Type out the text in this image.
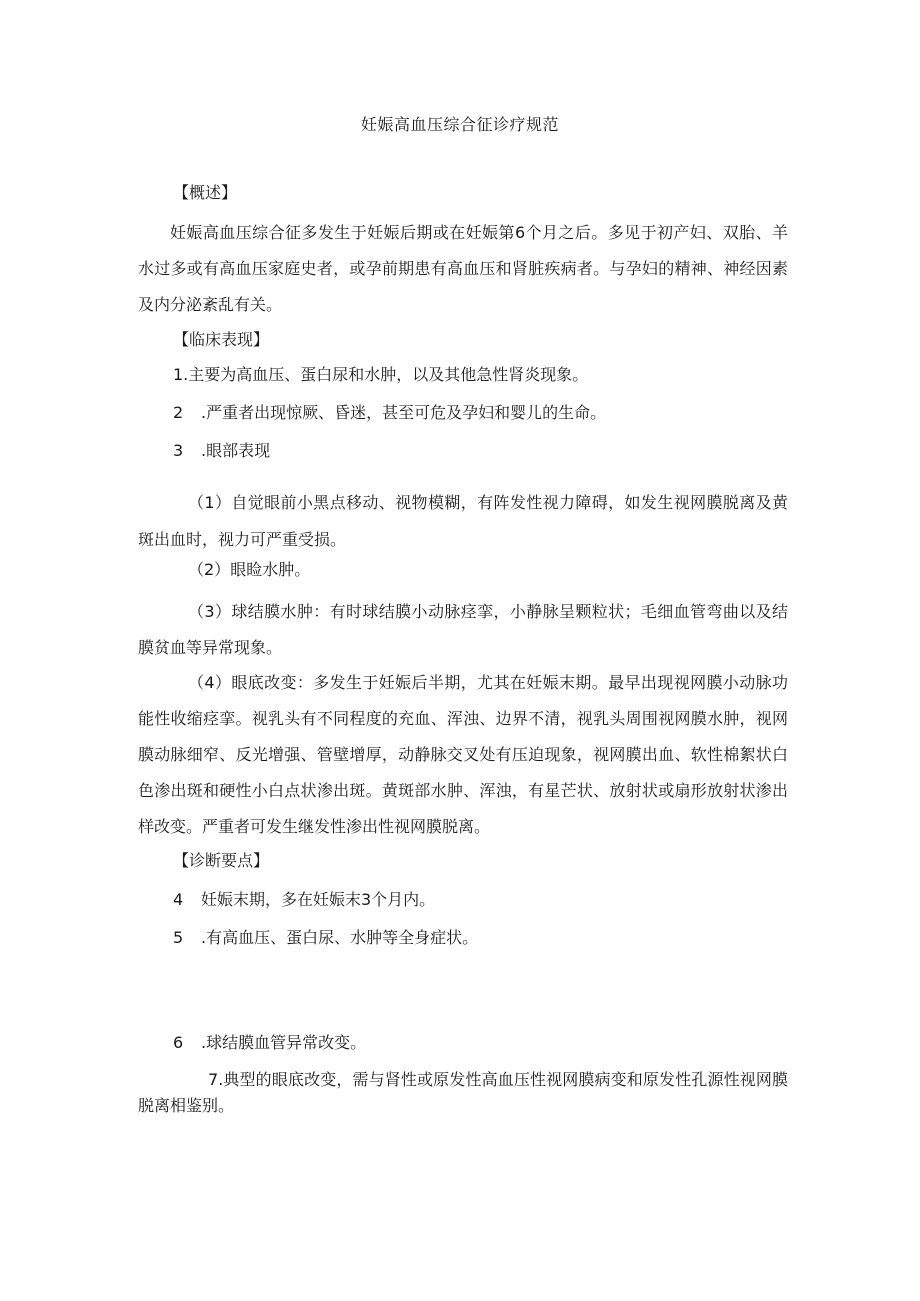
妊娠高血压综合征诊疗规范

【概述】

妊娠高血压综合征多发生于妊娠后期或在妊娠第6个月之后。多见于初产妇、双胎、羊水过多或有高血压家庭史者，或孕前期患有高血压和肾脏疾病者。与孕妇的精神、神经因素及内分泌紊乱有关。

【临床表现】

1.主要为高血压、蛋白尿和水肿，以及其他急性肾炎现象。

2 .严重者出现惊厥、昏迷，甚至可危及孕妇和婴儿的生命。

3 .眼部表现

（1）自觉眼前小黑点移动、视物模糊，有阵发性视力障碍，如发生视网膜脱离及黄斑出血时，视力可严重受损。

（2）眼睑水肿。

（3）球结膜水肿：有时球结膜小动脉痉挛，小静脉呈颗粒状；毛细血管弯曲以及结膜贫血等异常现象。

（4）眼底改变：多发生于妊娠后半期，尤其在妊娠末期。最早出现视网膜小动脉功能性收缩痉挛。视乳头有不同程度的充血、浑浊、边界不清，视乳头周围视网膜水肿，视网膜动脉细窄、反光增强、管壁增厚，动静脉交叉处有压迫现象，视网膜出血、软性棉絮状白色渗出斑和硬性小白点状渗出斑。黄斑部水肿、浑浊，有星芒状、放射状或扇形放射状渗出样改变。严重者可发生继发性渗出性视网膜脱离。

【诊断要点】

4 妊娠末期，多在妊娠末3个月内。

5 .有高血压、蛋白尿、水肿等全身症状。

6 .球结膜血管异常改变。

7.典型的眼底改变，需与肾性或原发性高血压性视网膜病变和原发性孔源性视网膜脱离相鉴别。
